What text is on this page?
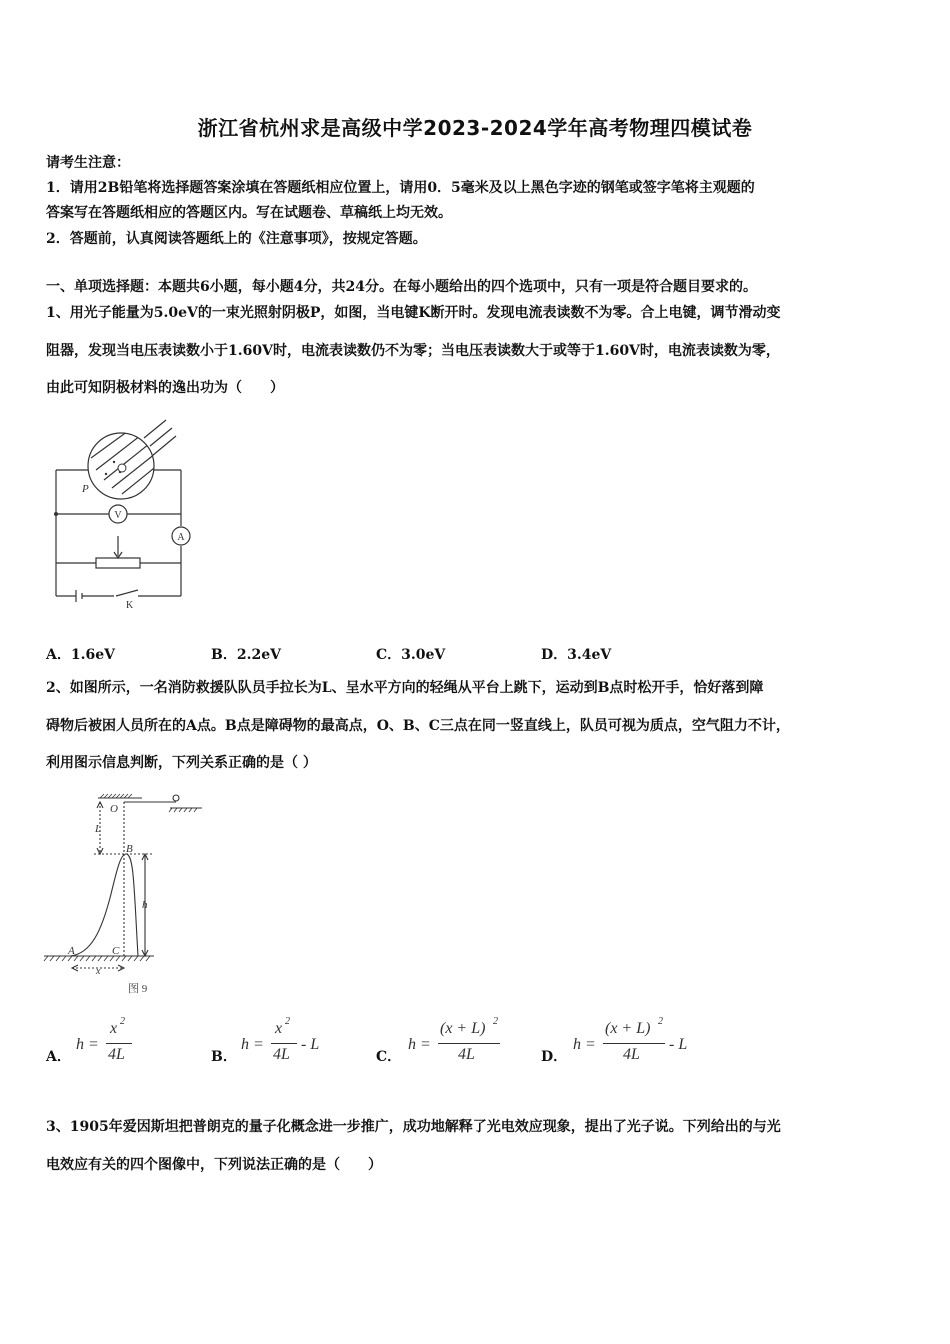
浙江省杭州求是高级中学2023-2024学年高考物理四模试卷
请考生注意：
1．请用2B铅笔将选择题答案涂填在答题纸相应位置上，请用0．5毫米及以上黑色字迹的钢笔或签字笔将主观题的
答案写在答题纸相应的答题区内。写在试题卷、草稿纸上均无效。
2．答题前，认真阅读答题纸上的《注意事项》，按规定答题。
一、单项选择题：本题共6小题，每小题4分，共24分。在每小题给出的四个选项中，只有一项是符合题目要求的。
1、用光子能量为5.0eV的一束光照射阴极P，如图，当电键K断开时。发现电流表读数不为零。合上电键，调节滑动变
阻器，发现当电压表读数小于1.60V时，电流表读数仍不为零；当电压表读数大于或等于1.60V时，电流表读数为零，
由此可知阴极材料的逸出功为（　　）
P
V
A
K
A．1.6eV	B．2.2eV	C．3.0eV	D．3.4eV
2、如图所示，一名消防救援队队员手拉长为L、呈水平方向的轻绳从平台上跳下，运动到B点时松开手，恰好落到障
碍物后被困人员所在的A点。B点是障碍物的最高点，O、B、C三点在同一竖直线上，队员可视为质点，空气阻力不计，
利用图示信息判断，下列关系正确的是（ ）
O
L
B
h
A	C
x
图 9
A．
h =
x 2
4L	B．
h =
x 2
4L
- L
C．
h =
(x + L) 2
4L	D．
h =
(x + L) 2
4L
- L
3、1905年爱因斯坦把普朗克的量子化概念进一步推广，成功地解释了光电效应现象，提出了光子说。下列给出的与光
电效应有关的四个图像中，下列说法正确的是（　　）
